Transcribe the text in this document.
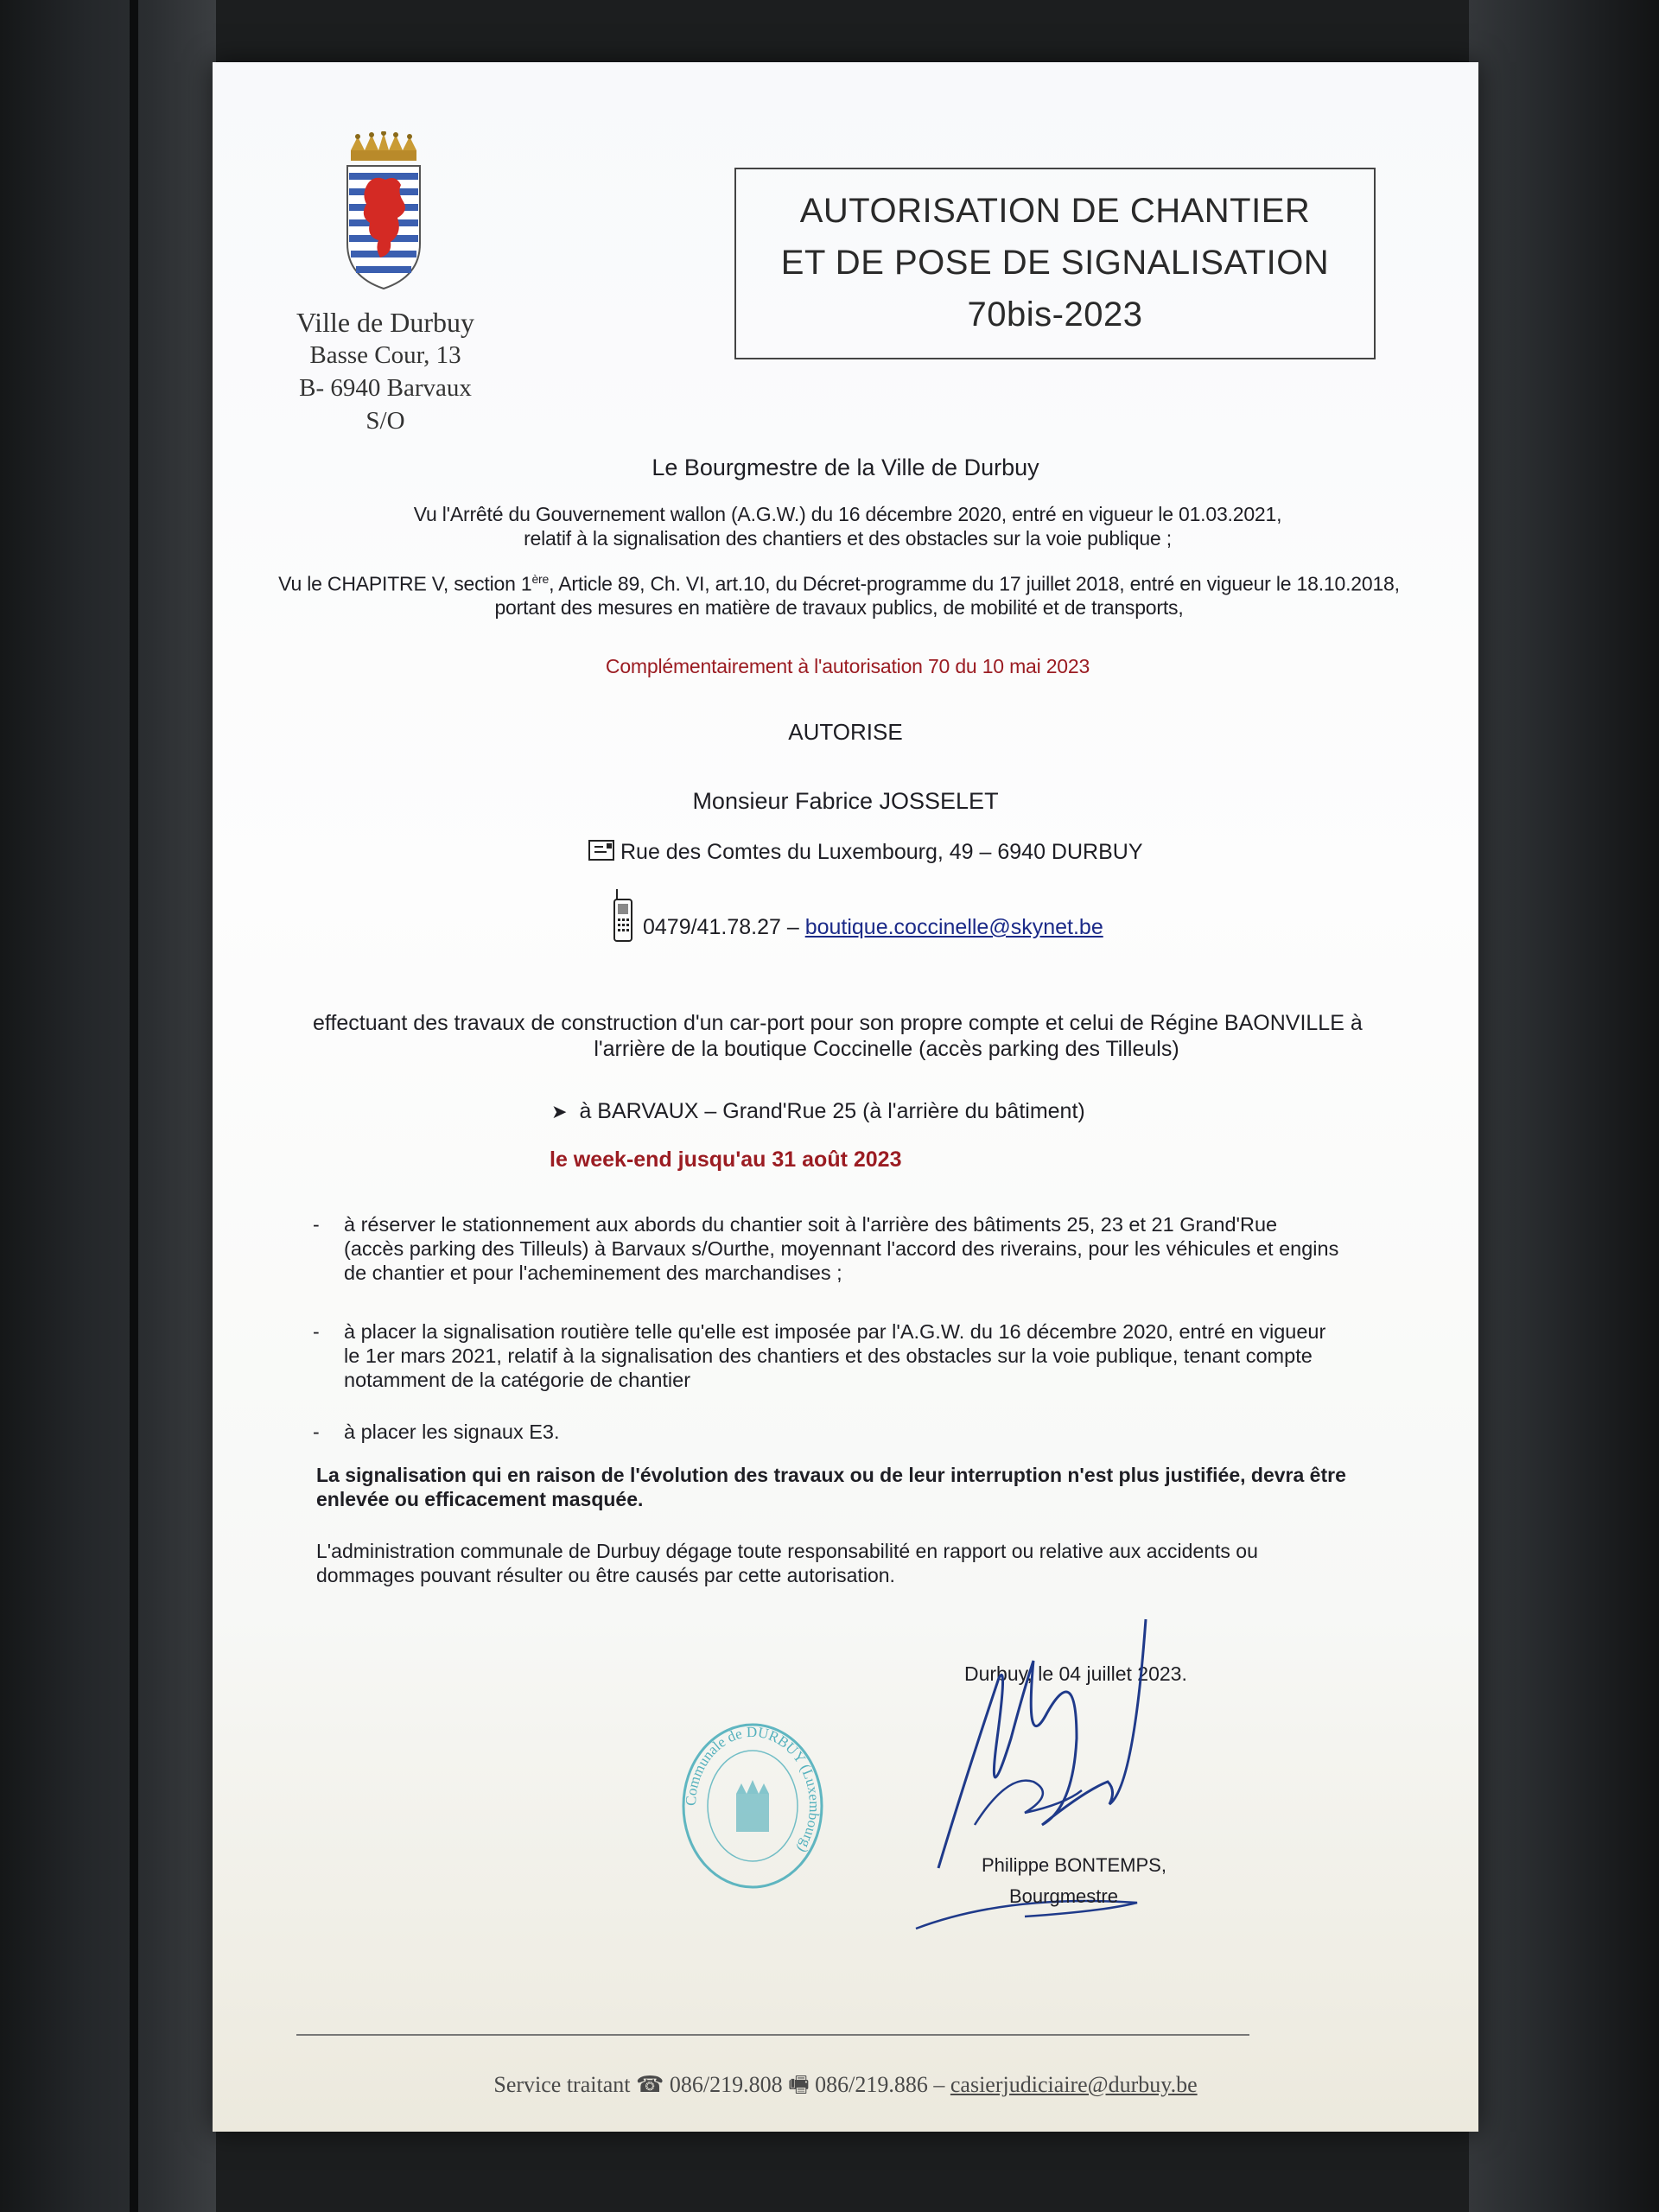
Ville de Durbuy
Basse Cour, 13
B- 6940 Barvaux S/O
AUTORISATION DE CHANTIER
ET DE POSE DE SIGNALISATION
70bis-2023
Le Bourgmestre de la Ville de Durbuy
Vu l'Arrêté du Gouvernement wallon (A.G.W.) du 16 décembre 2020, entré en vigueur le 01.03.2021,
relatif à la signalisation des chantiers et des obstacles sur la voie publique ;
Vu le CHAPITRE V, section 1ère, Article 89, Ch. VI, art.10, du Décret-programme du 17 juillet 2018, entré en vigueur le 18.10.2018,
portant des mesures en matière de travaux publics, de mobilité et de transports,
Complémentairement à l'autorisation 70 du 10 mai 2023
AUTORISE
Monsieur Fabrice JOSSELET
Rue des Comtes du Luxembourg, 49 – 6940 DURBUY
0479/41.78.27 – boutique.coccinelle@skynet.be
effectuant des travaux de construction d'un car-port pour son propre compte et celui de Régine BAONVILLE à
l'arrière de la boutique Coccinelle (accès parking des Tilleuls)
➤ à BARVAUX – Grand'Rue 25 (à l'arrière du bâtiment)
le week-end jusqu'au 31 août 2023
- à réserver le stationnement aux abords du chantier soit à l'arrière des bâtiments 25, 23 et 21 Grand'Rue
(accès parking des Tilleuls) à Barvaux s/Ourthe, moyennant l'accord des riverains, pour les véhicules et engins
de chantier et pour l'acheminement des marchandises ;
- à placer la signalisation routière telle qu'elle est imposée par l'A.G.W. du 16 décembre 2020, entré en vigueur
le 1er mars 2021, relatif à la signalisation des chantiers et des obstacles sur la voie publique, tenant compte
notamment de la catégorie de chantier
- à placer les signaux E3.
La signalisation qui en raison de l'évolution des travaux ou de leur interruption n'est plus justifiée, devra être
enlevée ou efficacement masquée.
L'administration communale de Durbuy dégage toute responsabilité en rapport ou relative aux accidents ou
dommages pouvant résulter ou être causés par cette autorisation.
Durbuy, le 04 juillet 2023.
Philippe BONTEMPS,
Bourgmestre
Communale de DURBUY (Luxembourg)
Service traitant ☎ 086/219.808 🖷 086/219.886 – casierjudiciaire@durbuy.be
